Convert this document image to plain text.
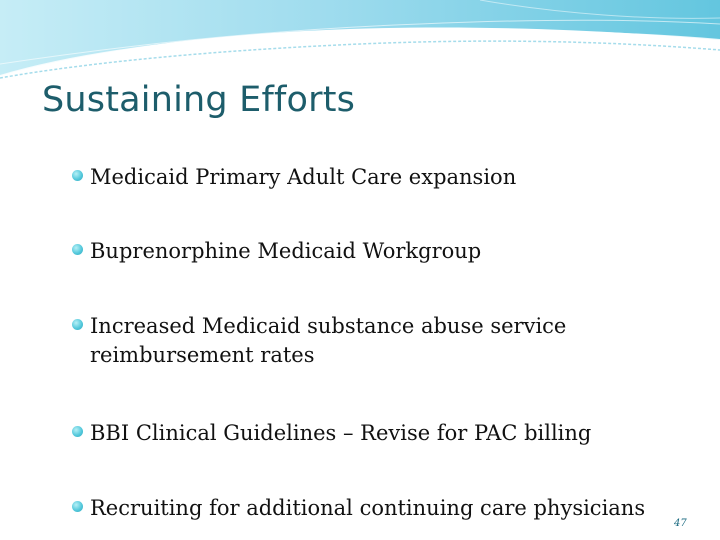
Sustaining Efforts
Medicaid Primary Adult Care expansion
Buprenorphine Medicaid Workgroup
Increased Medicaid substance abuse service reimbursement rates
BBI Clinical Guidelines – Revise for PAC billing
Recruiting for additional continuing care physicians
47
